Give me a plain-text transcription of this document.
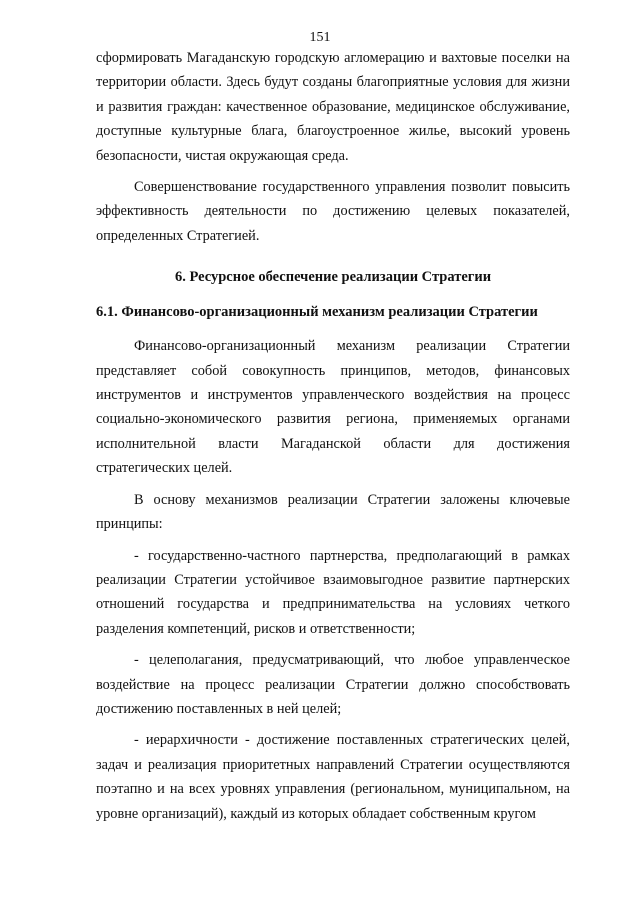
151

сформировать Магаданскую городскую агломерацию и вахтовые поселки на территории области. Здесь будут созданы благоприятные условия для жизни и развития граждан: качественное образование, медицинское обслуживание, доступные культурные блага, благоустроенное жилье, высокий уровень безопасности, чистая окружающая среда.

Совершенствование государственного управления позволит повысить эффективность деятельности по достижению целевых показателей, определенных Стратегией.

6. Ресурсное обеспечение реализации Стратегии

6.1. Финансово-организационный механизм реализации Стратегии

Финансово-организационный механизм реализации Стратегии представляет собой совокупность принципов, методов, финансовых инструментов и инструментов управленческого воздействия на процесс социально-экономического развития региона, применяемых органами исполнительной власти Магаданской области для достижения стратегических целей.

В основу механизмов реализации Стратегии заложены ключевые принципы:

- государственно-частного партнерства, предполагающий в рамках реализации Стратегии устойчивое взаимовыгодное развитие партнерских отношений государства и предпринимательства на условиях четкого разделения компетенций, рисков и ответственности;

- целеполагания, предусматривающий, что любое управленческое воздействие на процесс реализации Стратегии должно способствовать достижению поставленных в ней целей;

- иерархичности - достижение поставленных стратегических целей, задач и реализация приоритетных направлений Стратегии осуществляются поэтапно и на всех уровнях управления (региональном, муниципальном, на уровне организаций), каждый из которых обладает собственным кругом
